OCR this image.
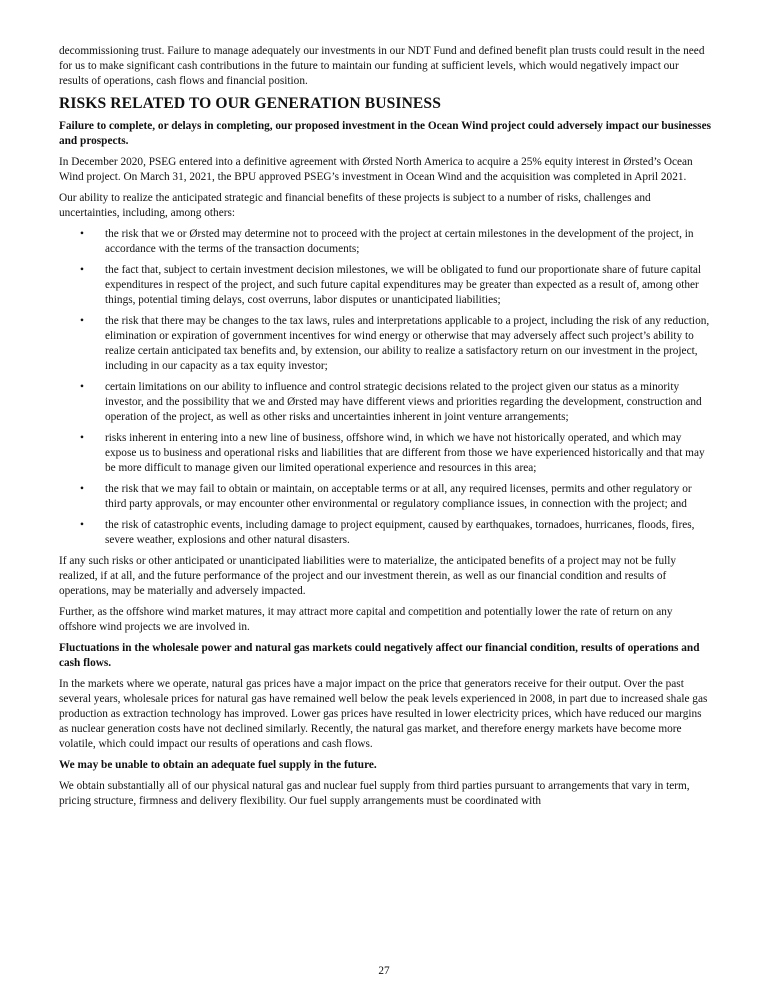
decommissioning trust. Failure to manage adequately our investments in our NDT Fund and defined benefit plan trusts could result in the need for us to make significant cash contributions in the future to maintain our funding at sufficient levels, which would negatively impact our results of operations, cash flows and financial position.

RISKS RELATED TO OUR GENERATION BUSINESS

Failure to complete, or delays in completing, our proposed investment in the Ocean Wind project could adversely impact our businesses and prospects.

In December 2020, PSEG entered into a definitive agreement with Ørsted North America to acquire a 25% equity interest in Ørsted’s Ocean Wind project. On March 31, 2021, the BPU approved PSEG’s investment in Ocean Wind and the acquisition was completed in April 2021.

Our ability to realize the anticipated strategic and financial benefits of these projects is subject to a number of risks, challenges and uncertainties, including, among others:

• the risk that we or Ørsted may determine not to proceed with the project at certain milestones in the development of the project, in accordance with the terms of the transaction documents;
• the fact that, subject to certain investment decision milestones, we will be obligated to fund our proportionate share of future capital expenditures in respect of the project, and such future capital expenditures may be greater than expected as a result of, among other things, potential timing delays, cost overruns, labor disputes or unanticipated liabilities;
• the risk that there may be changes to the tax laws, rules and interpretations applicable to a project, including the risk of any reduction, elimination or expiration of government incentives for wind energy or otherwise that may adversely affect such project’s ability to realize certain anticipated tax benefits and, by extension, our ability to realize a satisfactory return on our investment in the project, including in our capacity as a tax equity investor;
• certain limitations on our ability to influence and control strategic decisions related to the project given our status as a minority investor, and the possibility that we and Ørsted may have different views and priorities regarding the development, construction and operation of the project, as well as other risks and uncertainties inherent in joint venture arrangements;
• risks inherent in entering into a new line of business, offshore wind, in which we have not historically operated, and which may expose us to business and operational risks and liabilities that are different from those we have experienced historically and that may be more difficult to manage given our limited operational experience and resources in this area;
• the risk that we may fail to obtain or maintain, on acceptable terms or at all, any required licenses, permits and other regulatory or third party approvals, or may encounter other environmental or regulatory compliance issues, in connection with the project; and
• the risk of catastrophic events, including damage to project equipment, caused by earthquakes, tornadoes, hurricanes, floods, fires, severe weather, explosions and other natural disasters.

If any such risks or other anticipated or unanticipated liabilities were to materialize, the anticipated benefits of a project may not be fully realized, if at all, and the future performance of the project and our investment therein, as well as our financial condition and results of operations, may be materially and adversely impacted.

Further, as the offshore wind market matures, it may attract more capital and competition and potentially lower the rate of return on any offshore wind projects we are involved in.

Fluctuations in the wholesale power and natural gas markets could negatively affect our financial condition, results of operations and cash flows.

In the markets where we operate, natural gas prices have a major impact on the price that generators receive for their output. Over the past several years, wholesale prices for natural gas have remained well below the peak levels experienced in 2008, in part due to increased shale gas production as extraction technology has improved. Lower gas prices have resulted in lower electricity prices, which have reduced our margins as nuclear generation costs have not declined similarly. Recently, the natural gas market, and therefore energy markets have become more volatile, which could impact our results of operations and cash flows.

We may be unable to obtain an adequate fuel supply in the future.

We obtain substantially all of our physical natural gas and nuclear fuel supply from third parties pursuant to arrangements that vary in term, pricing structure, firmness and delivery flexibility. Our fuel supply arrangements must be coordinated with

27
